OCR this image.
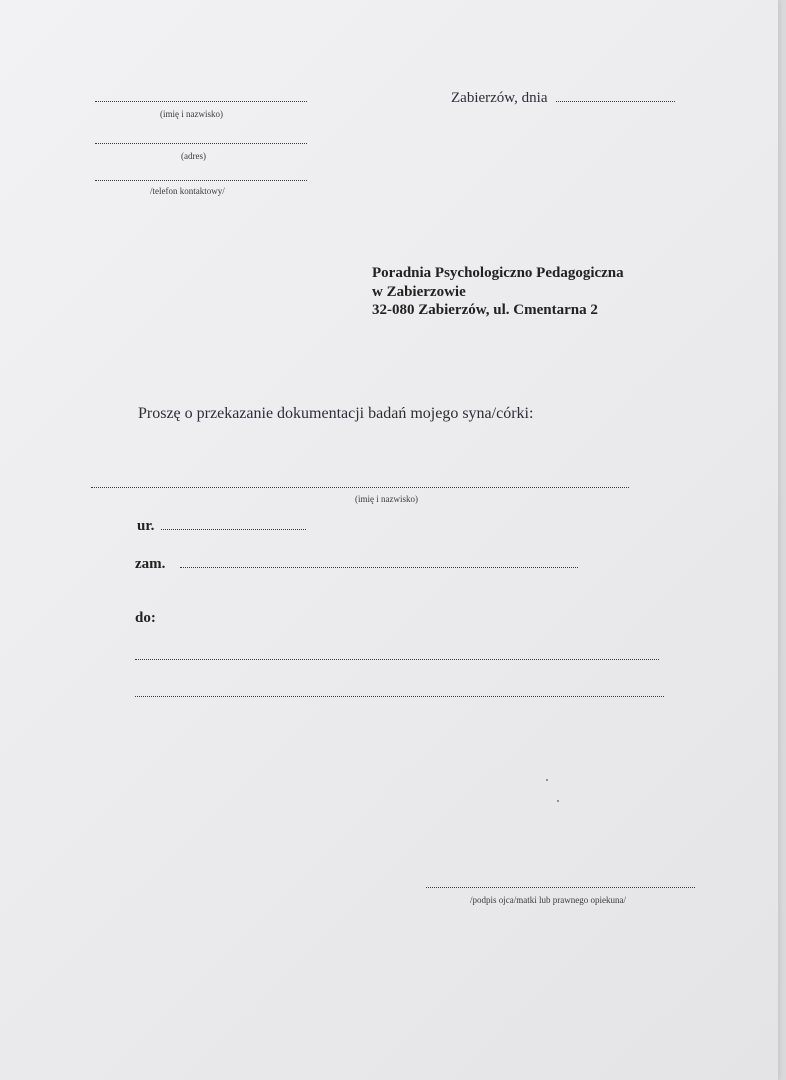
(imię i nazwisko)
(adres)
/telefon kontaktowy/
Zabierzów, dnia
Poradnia Psychologiczno Pedagogiczna
w Zabierzowie
32-080 Zabierzów, ul. Cmentarna 2
Proszę o przekazanie dokumentacji badań mojego syna/córki:
(imię i nazwisko)
ur.
zam.
do:
/podpis ojca/matki lub prawnego opiekuna/
